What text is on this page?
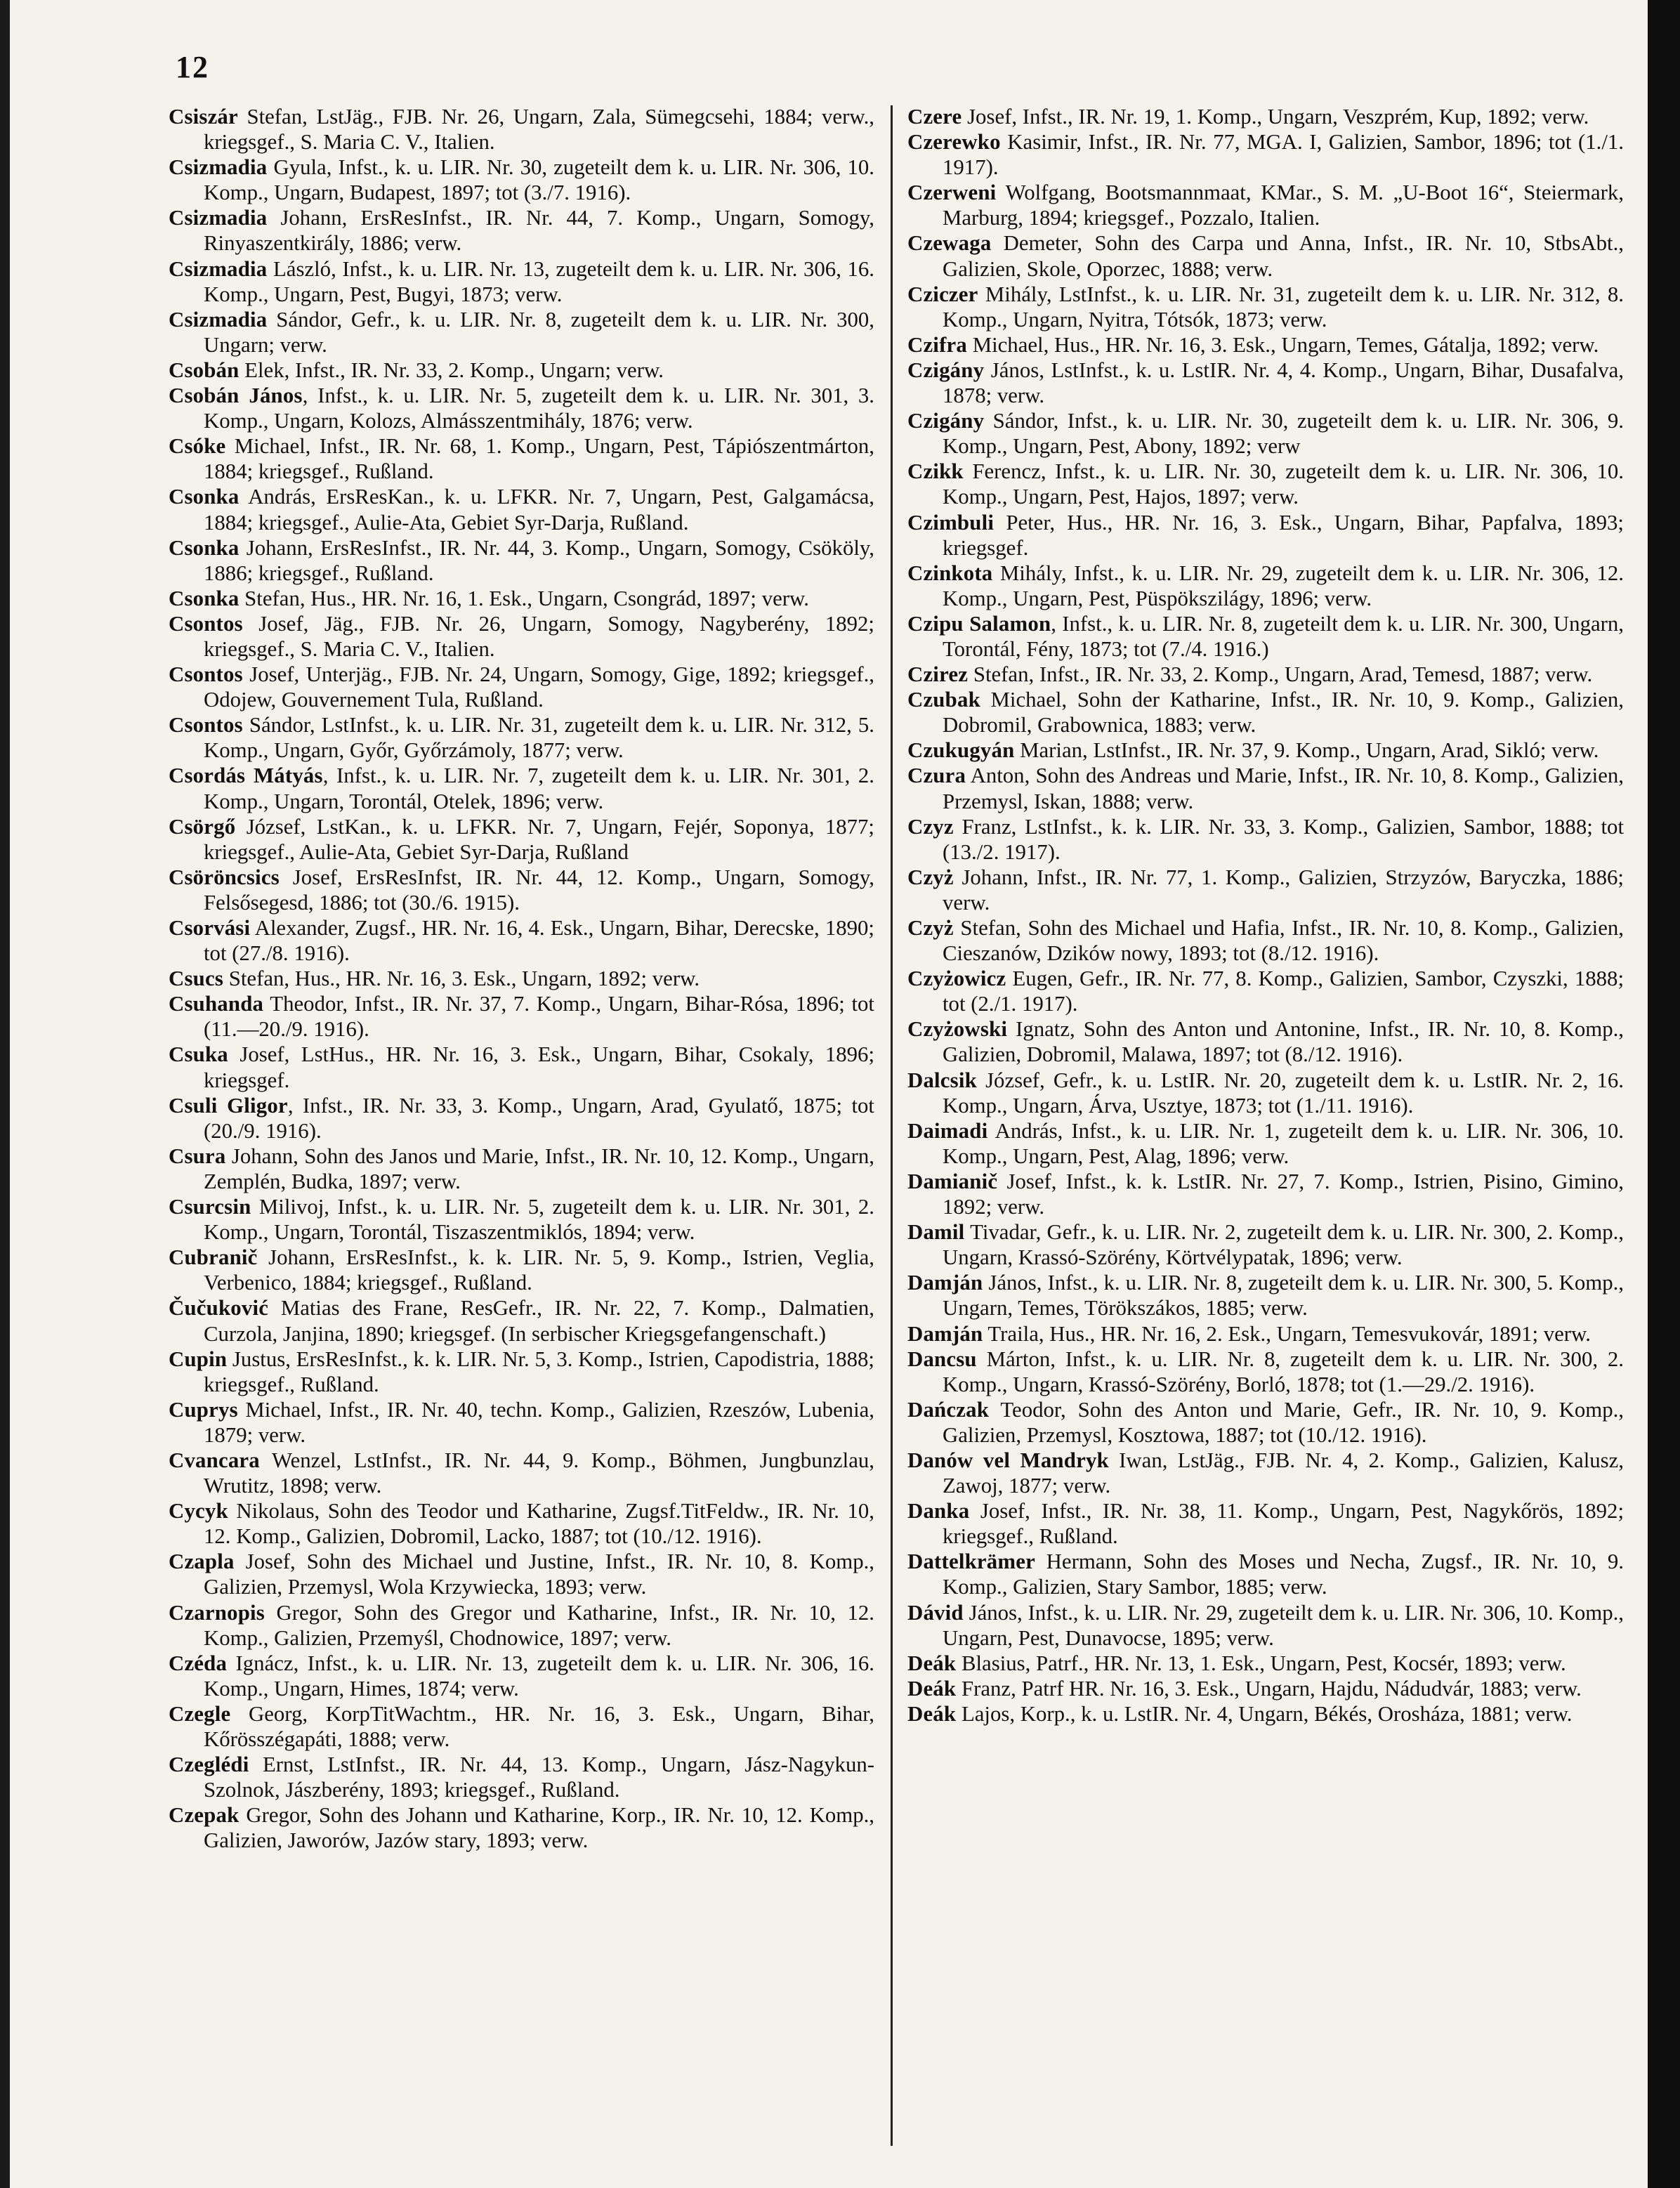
12

Csiszár Stefan, LstJäg., FJB. Nr. 26, Ungarn, Zala, Sümegcsehi, 1884; verw., kriegsgef., S. Maria C. V., Italien.

Csizmadia Gyula, Infst., k. u. LIR. Nr. 30, zugeteilt dem k. u. LIR. Nr. 306, 10. Komp., Ungarn, Budapest, 1897; tot (3./7. 1916).

Csizmadia Johann, ErsResInfst., IR. Nr. 44, 7. Komp., Ungarn, Somogy, Rinyaszentkirály, 1886; verw.

Csizmadia László, Infst., k. u. LIR. Nr. 13, zugeteilt dem k. u. LIR. Nr. 306, 16. Komp., Ungarn, Pest, Bugyi, 1873; verw.

Csizmadia Sándor, Gefr., k. u. LIR. Nr. 8, zugeteilt dem k. u. LIR. Nr. 300, Ungarn; verw.

Csobán Elek, Infst., IR. Nr. 33, 2. Komp., Ungarn; verw.

Csobán János, Infst., k. u. LIR. Nr. 5, zugeteilt dem k. u. LIR. Nr. 301, 3. Komp., Ungarn, Kolozs, Almásszentmihály, 1876; verw.

Csóke Michael, Infst., IR. Nr. 68, 1. Komp., Ungarn, Pest, Tápiószentmárton, 1884; kriegsgef., Rußland.

Csonka András, ErsResKan., k. u. LFKR. Nr. 7, Ungarn, Pest, Galgamácsa, 1884; kriegsgef., Aulie-Ata, Gebiet Syr-Darja, Rußland.

Csonka Johann, ErsResInfst., IR. Nr. 44, 3. Komp., Ungarn, Somogy, Csököly, 1886; kriegsgef., Rußland.

Csonka Stefan, Hus., HR. Nr. 16, 1. Esk., Ungarn, Csongrád, 1897; verw.

Csontos Josef, Jäg., FJB. Nr. 26, Ungarn, Somogy, Nagyberény, 1892; kriegsgef., S. Maria C. V., Italien.

Csontos Josef, Unterjäg., FJB. Nr. 24, Ungarn, Somogy, Gige, 1892; kriegsgef., Odojew, Gouvernement Tula, Rußland.

Csontos Sándor, LstInfst., k. u. LIR. Nr. 31, zugeteilt dem k. u. LIR. Nr. 312, 5. Komp., Ungarn, Győr, Győrzámoly, 1877; verw.

Csordás Mátyás, Infst., k. u. LIR. Nr. 7, zugeteilt dem k. u. LIR. Nr. 301, 2. Komp., Ungarn, Torontál, Otelek, 1896; verw.

Csörgő József, LstKan., k. u. LFKR. Nr. 7, Ungarn, Fejér, Soponya, 1877; kriegsgef., Aulie-Ata, Gebiet Syr-Darja, Rußland

Csöröncsics Josef, ErsResInfst, IR. Nr. 44, 12. Komp., Ungarn, Somogy, Felsősegesd, 1886; tot (30./6. 1915).

Csorvási Alexander, Zugsf., HR. Nr. 16, 4. Esk., Ungarn, Bihar, Derecske, 1890; tot (27./8. 1916).

Csucs Stefan, Hus., HR. Nr. 16, 3. Esk., Ungarn, 1892; verw.

Csuhanda Theodor, Infst., IR. Nr. 37, 7. Komp., Ungarn, Bihar-Rósa, 1896; tot (11.—20./9. 1916).

Csuka Josef, LstHus., HR. Nr. 16, 3. Esk., Ungarn, Bihar, Csokaly, 1896; kriegsgef.

Csuli Gligor, Infst., IR. Nr. 33, 3. Komp., Ungarn, Arad, Gyulatő, 1875; tot (20./9. 1916).

Csura Johann, Sohn des Janos und Marie, Infst., IR. Nr. 10, 12. Komp., Ungarn, Zemplén, Budka, 1897; verw.

Csurcsin Milivoj, Infst., k. u. LIR. Nr. 5, zugeteilt dem k. u. LIR. Nr. 301, 2. Komp., Ungarn, Torontál, Tiszaszentmiklós, 1894; verw.

Cubranič Johann, ErsResInfst., k. k. LIR. Nr. 5, 9. Komp., Istrien, Veglia, Verbenico, 1884; kriegsgef., Rußland.

Čučuković Matias des Frane, ResGefr., IR. Nr. 22, 7. Komp., Dalmatien, Curzola, Janjina, 1890; kriegsgef. (In serbischer Kriegsgefangenschaft.)

Cupin Justus, ErsResInfst., k. k. LIR. Nr. 5, 3. Komp., Istrien, Capodistria, 1888; kriegsgef., Rußland.

Cuprys Michael, Infst., IR. Nr. 40, techn. Komp., Galizien, Rzeszów, Lubenia, 1879; verw.

Cvancara Wenzel, LstInfst., IR. Nr. 44, 9. Komp., Böhmen, Jungbunzlau, Wrutitz, 1898; verw.

Cycyk Nikolaus, Sohn des Teodor und Katharine, Zugsf.TitFeldw., IR. Nr. 10, 12. Komp., Galizien, Dobromil, Lacko, 1887; tot (10./12. 1916).

Czapla Josef, Sohn des Michael und Justine, Infst., IR. Nr. 10, 8. Komp., Galizien, Przemysl, Wola Krzywiecka, 1893; verw.

Czarnopis Gregor, Sohn des Gregor und Katharine, Infst., IR. Nr. 10, 12. Komp., Galizien, Przemyśl, Chodnowice, 1897; verw.

Czéda Ignácz, Infst., k. u. LIR. Nr. 13, zugeteilt dem k. u. LIR. Nr. 306, 16. Komp., Ungarn, Himes, 1874; verw.

Czegle Georg, KorpTitWachtm., HR. Nr. 16, 3. Esk., Ungarn, Bihar, Kőrösszégapáti, 1888; verw.

Czeglédi Ernst, LstInfst., IR. Nr. 44, 13. Komp., Ungarn, Jász-Nagykun-Szolnok, Jászberény, 1893; kriegsgef., Rußland.

Czepak Gregor, Sohn des Johann und Katharine, Korp., IR. Nr. 10, 12. Komp., Galizien, Jaworów, Jazów stary, 1893; verw.

Czere Josef, Infst., IR. Nr. 19, 1. Komp., Ungarn, Veszprém, Kup, 1892; verw.

Czerewko Kasimir, Infst., IR. Nr. 77, MGA. I, Galizien, Sambor, 1896; tot (1./1. 1917).

Czerweni Wolfgang, Bootsmannmaat, KMar., S. M. „U-Boot 16“, Steiermark, Marburg, 1894; kriegsgef., Pozzalo, Italien.

Czewaga Demeter, Sohn des Carpa und Anna, Infst., IR. Nr. 10, StbsAbt., Galizien, Skole, Oporzec, 1888; verw.

Cziczer Mihály, LstInfst., k. u. LIR. Nr. 31, zugeteilt dem k. u. LIR. Nr. 312, 8. Komp., Ungarn, Nyitra, Tótsók, 1873; verw.

Czifra Michael, Hus., HR. Nr. 16, 3. Esk., Ungarn, Temes, Gátalja, 1892; verw.

Czigány János, LstInfst., k. u. LstIR. Nr. 4, 4. Komp., Ungarn, Bihar, Dusafalva, 1878; verw.

Czigány Sándor, Infst., k. u. LIR. Nr. 30, zugeteilt dem k. u. LIR. Nr. 306, 9. Komp., Ungarn, Pest, Abony, 1892; verw

Czikk Ferencz, Infst., k. u. LIR. Nr. 30, zugeteilt dem k. u. LIR. Nr. 306, 10. Komp., Ungarn, Pest, Hajos, 1897; verw.

Czimbuli Peter, Hus., HR. Nr. 16, 3. Esk., Ungarn, Bihar, Papfalva, 1893; kriegsgef.

Czinkota Mihály, Infst., k. u. LIR. Nr. 29, zugeteilt dem k. u. LIR. Nr. 306, 12. Komp., Ungarn, Pest, Püspökszilágy, 1896; verw.

Czipu Salamon, Infst., k. u. LIR. Nr. 8, zugeteilt dem k. u. LIR. Nr. 300, Ungarn, Torontál, Fény, 1873; tot (7./4. 1916.)

Czirez Stefan, Infst., IR. Nr. 33, 2. Komp., Ungarn, Arad, Temesd, 1887; verw.

Czubak Michael, Sohn der Katharine, Infst., IR. Nr. 10, 9. Komp., Galizien, Dobromil, Grabownica, 1883; verw.

Czukugyán Marian, LstInfst., IR. Nr. 37, 9. Komp., Ungarn, Arad, Sikló; verw.

Czura Anton, Sohn des Andreas und Marie, Infst., IR. Nr. 10, 8. Komp., Galizien, Przemysl, Iskan, 1888; verw.

Czyz Franz, LstInfst., k. k. LIR. Nr. 33, 3. Komp., Galizien, Sambor, 1888; tot (13./2. 1917).

Czyż Johann, Infst., IR. Nr. 77, 1. Komp., Galizien, Strzyzów, Baryczka, 1886; verw.

Czyż Stefan, Sohn des Michael und Hafia, Infst., IR. Nr. 10, 8. Komp., Galizien, Cieszanów, Dzików nowy, 1893; tot (8./12. 1916).

Czyżowicz Eugen, Gefr., IR. Nr. 77, 8. Komp., Galizien, Sambor, Czyszki, 1888; tot (2./1. 1917).

Czyżowski Ignatz, Sohn des Anton und Antonine, Infst., IR. Nr. 10, 8. Komp., Galizien, Dobromil, Malawa, 1897; tot (8./12. 1916).

Dalcsik József, Gefr., k. u. LstIR. Nr. 20, zugeteilt dem k. u. LstIR. Nr. 2, 16. Komp., Ungarn, Árva, Usztye, 1873; tot (1./11. 1916).

Daimadi András, Infst., k. u. LIR. Nr. 1, zugeteilt dem k. u. LIR. Nr. 306, 10. Komp., Ungarn, Pest, Alag, 1896; verw.

Damianič Josef, Infst., k. k. LstIR. Nr. 27, 7. Komp., Istrien, Pisino, Gimino, 1892; verw.

Damil Tivadar, Gefr., k. u. LIR. Nr. 2, zugeteilt dem k. u. LIR. Nr. 300, 2. Komp., Ungarn, Krassó-Szörény, Körtvélypatak, 1896; verw.

Damján János, Infst., k. u. LIR. Nr. 8, zugeteilt dem k. u. LIR. Nr. 300, 5. Komp., Ungarn, Temes, Törökszákos, 1885; verw.

Damján Traila, Hus., HR. Nr. 16, 2. Esk., Ungarn, Temesvukovár, 1891; verw.

Dancsu Márton, Infst., k. u. LIR. Nr. 8, zugeteilt dem k. u. LIR. Nr. 300, 2. Komp., Ungarn, Krassó-Szörény, Borló, 1878; tot (1.—29./2. 1916).

Dańczak Teodor, Sohn des Anton und Marie, Gefr., IR. Nr. 10, 9. Komp., Galizien, Przemysl, Kosztowa, 1887; tot (10./12. 1916).

Danów vel Mandryk Iwan, LstJäg., FJB. Nr. 4, 2. Komp., Galizien, Kalusz, Zawoj, 1877; verw.

Danka Josef, Infst., IR. Nr. 38, 11. Komp., Ungarn, Pest, Nagykőrös, 1892; kriegsgef., Rußland.

Dattelkrämer Hermann, Sohn des Moses und Necha, Zugsf., IR. Nr. 10, 9. Komp., Galizien, Stary Sambor, 1885; verw.

Dávid János, Infst., k. u. LIR. Nr. 29, zugeteilt dem k. u. LIR. Nr. 306, 10. Komp., Ungarn, Pest, Dunavocse, 1895; verw.

Deák Blasius, Patrf., HR. Nr. 13, 1. Esk., Ungarn, Pest, Kocsér, 1893; verw.

Deák Franz, Patrf HR. Nr. 16, 3. Esk., Ungarn, Hajdu, Nádudvár, 1883; verw.

Deák Lajos, Korp., k. u. LstIR. Nr. 4, Ungarn, Békés, Orosháza, 1881; verw.
